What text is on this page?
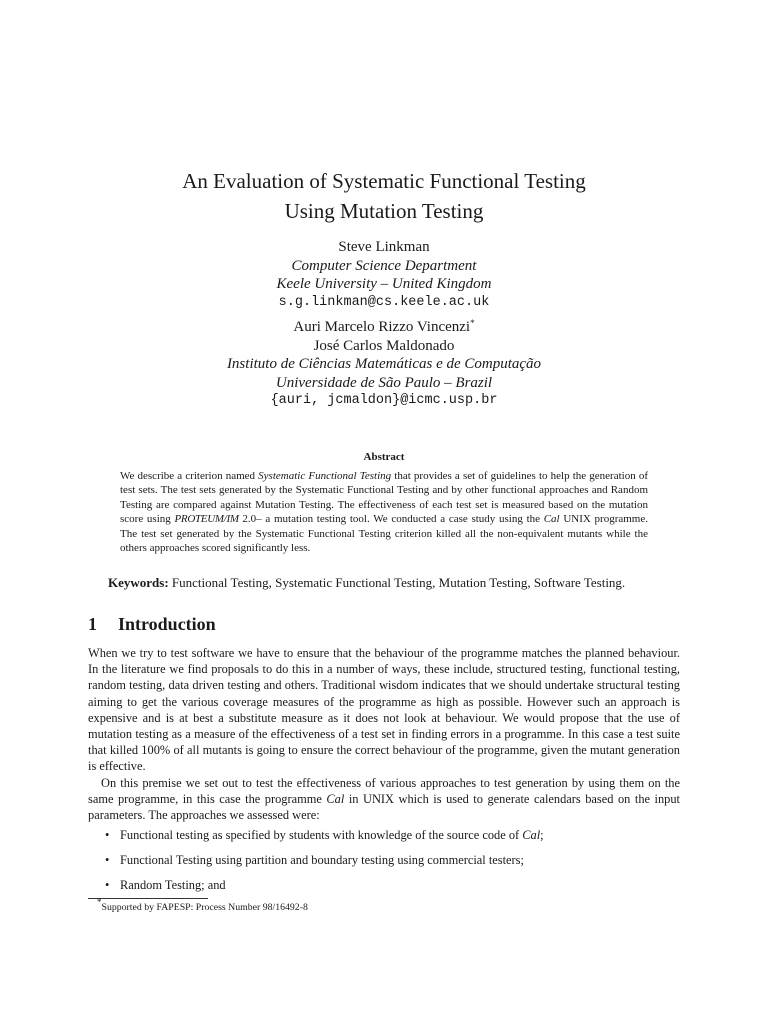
An Evaluation of Systematic Functional Testing
Using Mutation Testing
Steve Linkman
Computer Science Department
Keele University – United Kingdom
s.g.linkman@cs.keele.ac.uk
Auri Marcelo Rizzo Vincenzi*
José Carlos Maldonado
Instituto de Ciências Matemáticas e de Computação
Universidade de São Paulo – Brazil
{auri, jcmaldon}@icmc.usp.br
Abstract
We describe a criterion named Systematic Functional Testing that provides a set of guidelines to help the generation of test sets. The test sets generated by the Systematic Functional Testing and by other functional approaches and Random Testing are compared against Mutation Testing. The effectiveness of each test set is measured based on the mutation score using PROTEUM/IM 2.0– a mutation testing tool. We conducted a case study using the Cal UNIX programme. The test set generated by the Systematic Functional Testing criterion killed all the non-equivalent mutants while the others approaches scored significantly less.
Keywords: Functional Testing, Systematic Functional Testing, Mutation Testing, Software Testing.
1 Introduction

When we try to test software we have to ensure that the behaviour of the programme matches the planned behaviour. In the literature we find proposals to do this in a number of ways, these include, structured testing, functional testing, random testing, data driven testing and others. Traditional wisdom indicates that we should undertake structural testing aiming to get the various coverage measures of the programme as high as possible. However such an approach is expensive and is at best a substitute measure as it does not look at behaviour. We would propose that the use of mutation testing as a measure of the effectiveness of a test set in finding errors in a programme. In this case a test suite that killed 100% of all mutants is going to ensure the correct behaviour of the programme, given the mutant generation is effective.

On this premise we set out to test the effectiveness of various approaches to test generation by using them on the same programme, in this case the programme Cal in UNIX which is used to generate calendars based on the input parameters. The approaches we assessed were:

• Functional testing as specified by students with knowledge of the source code of Cal;
• Functional Testing using partition and boundary testing using commercial testers;
• Random Testing; and
*Supported by FAPESP: Process Number 98/16492-8
